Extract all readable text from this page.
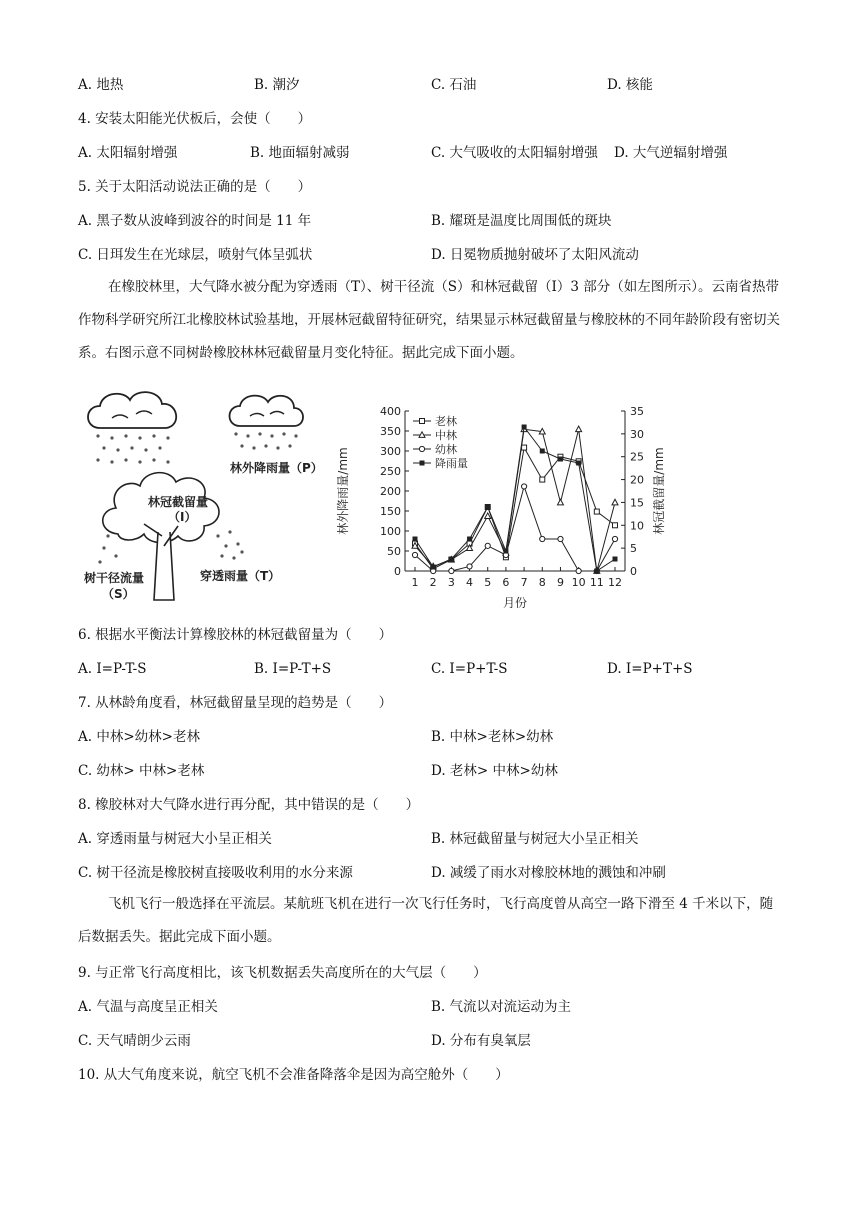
A. 地热	B. 潮汐	C. 石油	D. 核能
4. 安装太阳能光伏板后，会使（　　）
A. 太阳辐射增强	B. 地面辐射减弱	C. 大气吸收的太阳辐射增强 D. 大气逆辐射增强
5. 关于太阳活动说法正确的是（　　）
A. 黑子数从波峰到波谷的时间是 11 年	B. 耀斑是温度比周围低的斑块
C. 日珥发生在光球层，喷射气体呈弧状	D. 日冕物质抛射破坏了太阳风流动
在橡胶林里，大气降水被分配为穿透雨（T）、树干径流（S）和林冠截留（I）3 部分（如左图所示）。云南省热带作物科学研究所江北橡胶林试验基地，开展林冠截留特征研究，结果显示林冠截留量与橡胶林的不同年龄阶段有密切关系。右图示意不同树龄橡胶林林冠截留量月变化特征。据此完成下面小题。
林外降雨量（P）
林冠截留量
（I）
树干径流量
（S）
穿透雨量（T）	0
50
100
150
200
250
300
350
400
0
5
10
15
20
25
30
35
1 2 3 4 5 6 7 8 9 10 11 12
老林
中林
幼林
降雨量
林外降雨量/mm	林冠截留量/mm
月份
6. 根据水平衡法计算橡胶林的林冠截留量为（　　）
A. I=P-T-S	B. I=P-T+S	C. I=P+T-S	D. I=P+T+S
7. 从林龄角度看，林冠截留量呈现的趋势是（　　）
A. 中林>幼林>老林	B. 中林>老林>幼林
C. 幼林> 中林>老林	D. 老林> 中林>幼林
8. 橡胶林对大气降水进行再分配，其中错误的是（　　）
A. 穿透雨量与树冠大小呈正相关	B. 林冠截留量与树冠大小呈正相关
C. 树干径流是橡胶树直接吸收利用的水分来源	D. 减缓了雨水对橡胶林地的溅蚀和冲刷
飞机飞行一般选择在平流层。某航班飞机在进行一次飞行任务时，飞行高度曾从高空一路下滑至 4 千米以下，随后数据丢失。据此完成下面小题。
9. 与正常飞行高度相比，该飞机数据丢失高度所在的大气层（　　）
A. 气温与高度呈正相关	B. 气流以对流运动为主
C. 天气晴朗少云雨	D. 分布有臭氧层
10. 从大气角度来说，航空飞机不会准备降落伞是因为高空舱外（　　）
